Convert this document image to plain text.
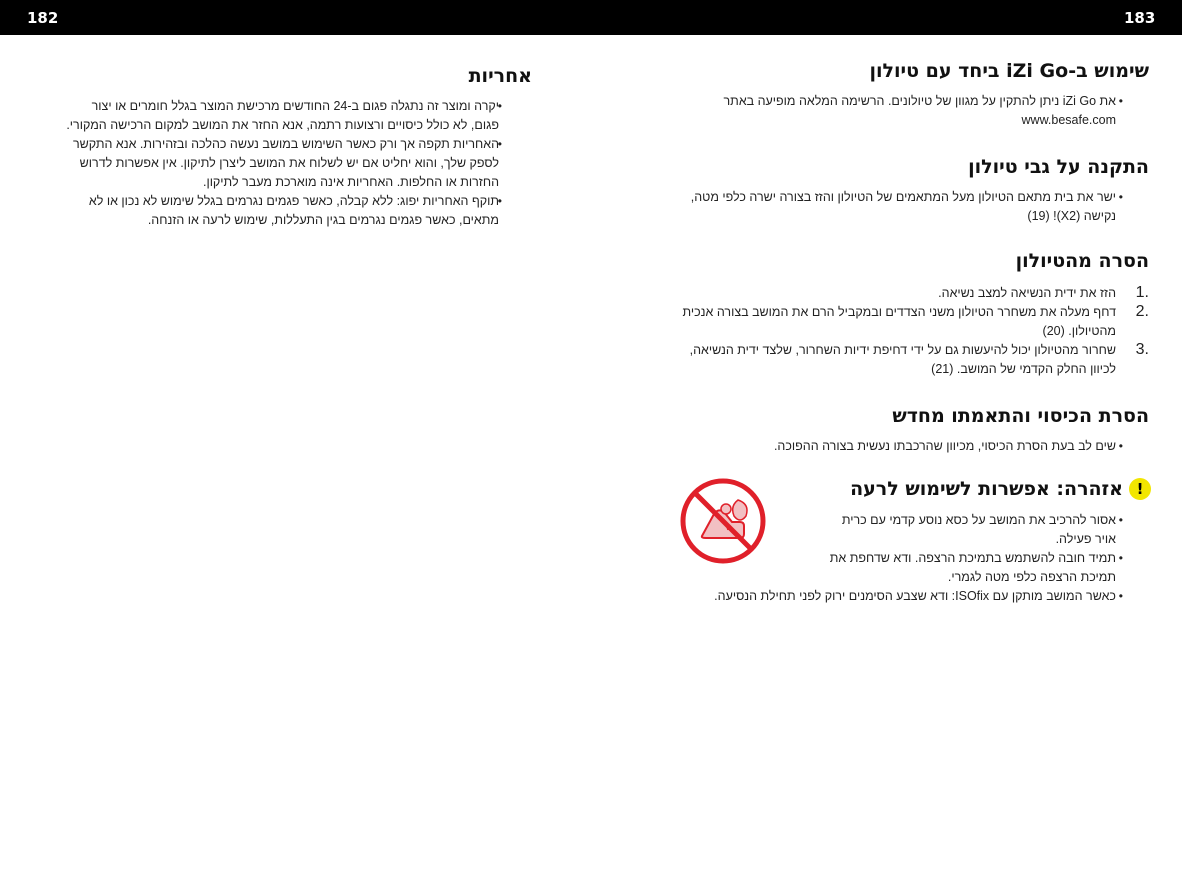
182	183
שימוש ב-iZi Go ביחד עם טיולון
• את iZi Go ניתן להתקין על מגוון של טיולונים. הרשימה המלאה מופיעה באתר www.besafe.com
התקנה על גבי טיולון
• ישר את בית מתאם הטיולון מעל המתאמים של הטיולון והזז בצורה ישרה כלפי מטה, נקישה (X2)! (19)
הסרה מהטיולון
1.
הזז את ידית הנשיאה למצב נשיאה.
2.
דחף מעלה את משחרר הטיולון משני הצדדים ובמקביל הרם את המושב בצורה אנכית מהטיולון. (20)
3.
שחרור מהטיולון יכול להיעשות גם על ידי דחיפת ידיות השחרור, שלצד ידית הנשיאה, לכיוון החלק הקדמי של המושב. (21)
הסרת הכיסוי והתאמתו מחדש
• שים לב בעת הסרת הכיסוי, מכיוון שהרכבתו נעשית בצורה ההפוכה.
!
אזהרה: אפשרות לשימוש לרעה
• אסור להרכיב את המושב על כסא נוסע קדמי עם כרית אויר פעילה.
• תמיד חובה להשתמש בתמיכת הרצפה. ודא שדחפת את תמיכת הרצפה כלפי מטה לגמרי.
• כאשר המושב מותקן עם ISOfix: ודא שצבע הסימנים ירוק לפני תחילת הנסיעה.
אחריות
• יקרה ומוצר זה נתגלה פגום ב-24 החודשים מרכישת המוצר בגלל חומרים או יצור פגום, לא כולל כיסויים ורצועות רתמה, אנא החזר את המושב למקום הרכישה המקורי.
• האחריות תקפה אך ורק כאשר השימוש במושב נעשה כהלכה ובזהירות. אנא התקשר לספק שלך, והוא יחליט אם יש לשלוח את המושב ליצרן לתיקון. אין אפשרות לדרוש החזרות או החלפות. האחריות אינה מוארכת מעבר לתיקון.
• תוקף האחריות יפוג: ללא קבלה, כאשר פגמים נגרמים בגלל שימוש לא נכון או לא מתאים, כאשר פגמים נגרמים בגין התעללות, שימוש לרעה או הזנחה.
